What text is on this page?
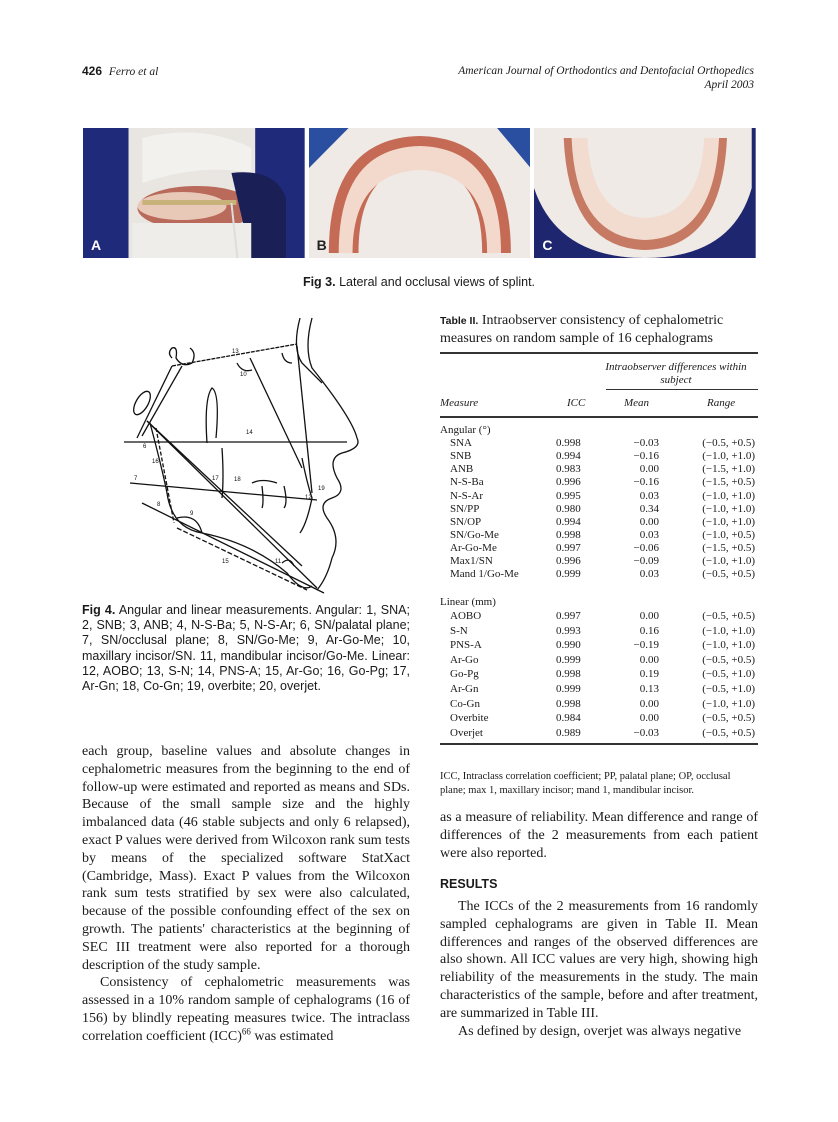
426 Ferro et al	American Journal of Orthodontics and Dentofacial Orthopedics
April 2003
A	B	C
Fig 3. Lateral and occlusal views of splint.
13
10
14
17	18
16
9
15	11
7
19
12
8
6
Fig 4. Angular and linear measurements. Angular: 1, SNA; 2, SNB; 3, ANB; 4, N-S-Ba; 5, N-S-Ar; 6, SN/palatal plane; 7, SN/occlusal plane; 8, SN/Go-Me; 9, Ar-Go-Me; 10, maxillary incisor/SN. 11, mandibular incisor/Go-Me. Linear: 12, AOBO; 13, S-N; 14, PNS-A; 15, Ar-Go; 16, Go-Pg; 17, Ar-Gn; 18, Co-Gn; 19, overbite; 20, overjet.
Table II. Intraobserver consistency of cephalometric measures on random sample of 16 cephalograms
Intraobserver differences within subject
Measure	ICC	Mean	Range
Angular (°)
SNA	0.998	−0.03	(−0.5, +0.5)
SNB	0.994	−0.16	(−1.0, +1.0)
ANB	0.983	0.00	(−1.5, +1.0)
N-S-Ba	0.996	−0.16	(−1.5, +0.5)
N-S-Ar	0.995	0.03	(−1.0, +1.0)
SN/PP	0.980	0.34	(−1.0, +1.0)
SN/OP	0.994	0.00	(−1.0, +1.0)
SN/Go-Me	0.998	0.03	(−1.0, +0.5)
Ar-Go-Me	0.997	−0.06	(−1.5, +0.5)
Max1/SN	0.996	−0.09	(−1.0, +1.0)
Mand 1/Go-Me	0.999	0.03	(−0.5, +0.5)
Linear (mm)
AOBO	0.997	0.00	(−0.5, +0.5)
S-N	0.993	0.16	(−1.0, +1.0)
PNS-A	0.990	−0.19	(−1.0, +1.0)
Ar-Go	0.999	0.00	(−0.5, +0.5)
Go-Pg	0.998	0.19	(−0.5, +1.0)
Ar-Gn	0.999	0.13	(−0.5, +1.0)
Co-Gn	0.998	0.00	(−1.0, +1.0)
Overbite	0.984	0.00	(−0.5, +0.5)
Overjet	0.989	−0.03	(−0.5, +0.5)
ICC, Intraclass correlation coefficient; PP, palatal plane; OP, occlusal plane; max 1, maxillary incisor; mand 1, mandibular incisor.
each group, baseline values and absolute changes in cephalometric measures from the beginning to the end of follow-up were estimated and reported as means and SDs. Because of the small sample size and the highly imbalanced data (46 stable subjects and only 6 relapsed), exact P values were derived from Wilcoxon rank sum tests by means of the specialized software StatXact (Cambridge, Mass). Exact P values from the Wilcoxon rank sum tests stratified by sex were also calculated, because of the possible confounding effect of the sex on growth. The patients' characteristics at the beginning of SEC III treatment were also reported for a thorough description of the study sample.
Consistency of cephalometric measurements was assessed in a 10% random sample of cephalograms (16 of 156) by blindly repeating measures twice. The intraclass correlation coefficient (ICC)$^{66}$ was estimated
as a measure of reliability. Mean difference and range of differences of the 2 measurements from each patient were also reported.
RESULTS
The ICCs of the 2 measurements from 16 randomly sampled cephalograms are given in Table II. Mean differences and ranges of the observed differences are also shown. All ICC values are very high, showing high reliability of the measurements in the study. The main characteristics of the sample, before and after treatment, are summarized in Table III.
As defined by design, overjet was always negative
